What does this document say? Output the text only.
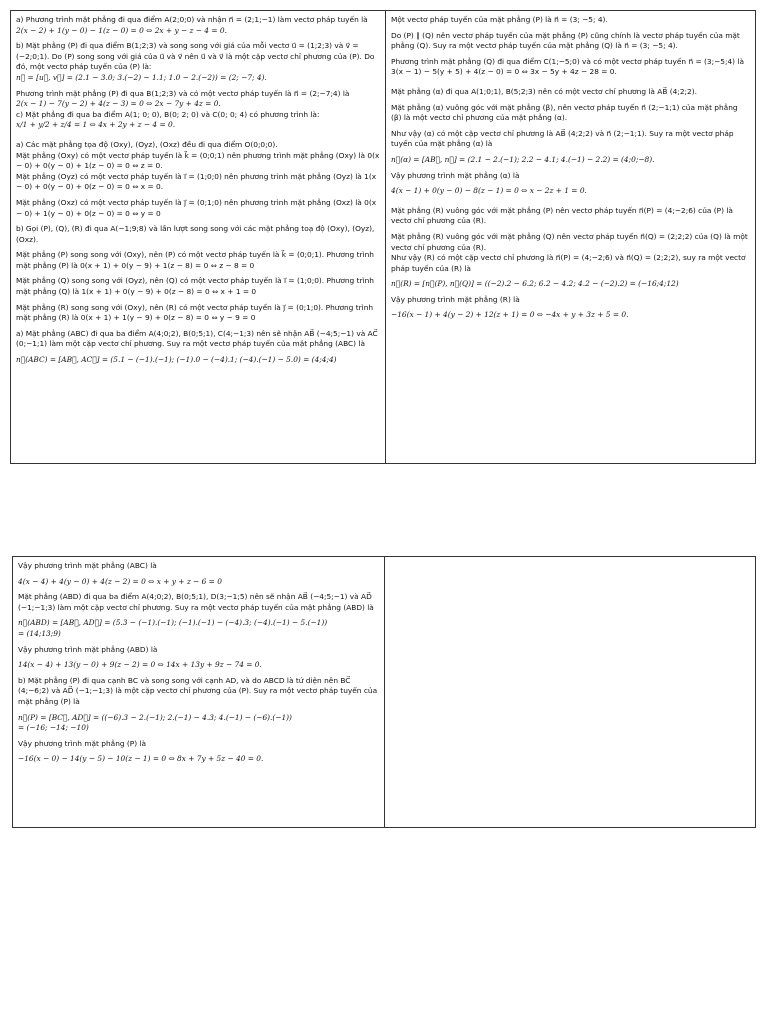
a) Phương trình mặt phẳng đi qua điểm A(2;0;0) và nhận n⃗ = (2;1;−1) làm vectơ pháp tuyến là

2(x − 2) + 1(y − 0) − 1(z − 0) = 0 ⇔ 2x + y − z − 4 = 0.

b) Mặt phẳng (P) đi qua điểm B(1;2;3) và song song với giá của mỗi vectơ u⃗ = (1;2;3) và v⃗ = (−2;0;1). Do (P) song song với giá của u⃗ và v⃗ nên u⃗ và v⃗ là một cặp vectơ chỉ phương của (P). Do đó, một vectơ pháp tuyến của (P) là:

n⃗ = [u⃗, v⃗] = (2.1 − 3.0; 3.(−2) − 1.1; 1.0 − 2.(−2)) = (2; −7; 4).

Phương trình mặt phẳng (P) đi qua B(1;2;3) và có một vectơ pháp tuyến là n⃗ = (2;−7;4) là

2(x − 1) − 7(y − 2) + 4(z − 3) = 0 ⇔ 2x − 7y + 4z = 0.

c) Mặt phẳng đi qua ba điểm A(1; 0; 0), B(0; 2; 0) và C(0; 0; 4) có phương trình là:

x/1 + y/2 + z/4 = 1 ⇔ 4x + 2y + z − 4 = 0.

a) Các mặt phẳng tọa độ (Oxy), (Oyz), (Oxz) đều đi qua điểm O(0;0;0).

Mặt phẳng (Oxy) có một vectơ pháp tuyến là k⃗ = (0;0;1) nên phương trình mặt phẳng (Oxy) là 0(x − 0) + 0(y − 0) + 1(z − 0) = 0 ⇔ z = 0.

Mặt phẳng (Oyz) có một vectơ pháp tuyến là i⃗ = (1;0;0) nên phương trình mặt phẳng (Oyz) là 1(x − 0) + 0(y − 0) + 0(z − 0) = 0 ⇔ x = 0.

Mặt phẳng (Oxz) có một vectơ pháp tuyến là j⃗ = (0;1;0) nên phương trình mặt phẳng (Oxz) là 0(x − 0) + 1(y − 0) + 0(z − 0) = 0 ⇔ y = 0

b) Gọi (P), (Q), (R) đi qua A(−1;9;8) và lần lượt song song với các mặt phẳng toạ độ (Oxy), (Oyz), (Oxz).

Mặt phẳng (P) song song với (Oxy), nên (P) có một vectơ pháp tuyến là k⃗ = (0;0;1). Phương trình mặt phẳng (P) là 0(x + 1) + 0(y − 9) + 1(z − 8) = 0 ⇔ z − 8 = 0

Mặt phẳng (Q) song song với (Oyz), nên (Q) có một vectơ pháp tuyến là i⃗ = (1;0;0). Phương trình mặt phẳng (Q) là 1(x + 1) + 0(y − 9) + 0(z − 8) = 0 ⇔ x + 1 = 0

Mặt phẳng (R) song song với (Oxy), nên (R) có một vectơ pháp tuyến là j⃗ = (0;1;0). Phương trình mặt phẳng (R) là 0(x + 1) + 1(y − 9) + 0(z − 8) = 0 ⇔ y − 9 = 0

a) Mặt phẳng (ABC) đi qua ba điểm A(4;0;2), B(0;5;1), C(4;−1;3) nên sẽ nhận AB⃗ (−4;5;−1) và AC⃗ (0;−1;1) làm một cặp vectơ chỉ phương. Suy ra một vectơ pháp tuyến của mặt phẳng (ABC) là

n⃗(ABC) = [AB⃗, AC⃗] = (5.1 − (−1).(−1); (−1).0 − (−4).1; (−4).(−1) − 5.0) = (4;4;4)

Một vectơ pháp tuyến của mặt phẳng (P) là n⃗ = (3; −5; 4).

Do (P) ∥ (Q) nên vectơ pháp tuyến của mặt phẳng (P) cũng chính là vectơ pháp tuyến của mặt phẳng (Q). Suy ra một vectơ pháp tuyến của mặt phẳng (Q) là n⃗ = (3; −5; 4).

Phương trình mặt phẳng (Q) đi qua điểm C(1;−5;0) và có một vectơ pháp tuyến n⃗ = (3;−5;4) là 3(x − 1) − 5(y + 5) + 4(z − 0) = 0 ⇔ 3x − 5y + 4z − 28 = 0.

Mặt phẳng (α) đi qua A(1;0;1), B(5;2;3) nên có một vectơ chỉ phương là AB⃗ (4;2;2).

Mặt phẳng (α) vuông góc với mặt phẳng (β), nên vectơ pháp tuyến n⃗ (2;−1;1) của mặt phẳng (β) là một vectơ chỉ phương của mặt phẳng (α).

Như vậy (α) có một cặp vectơ chỉ phương là AB⃗ (4;2;2) và n⃗ (2;−1;1). Suy ra một vectơ pháp tuyến của mặt phẳng (α) là

n⃗(α) = [AB⃗, n⃗] = (2.1 − 2.(−1); 2.2 − 4.1; 4.(−1) − 2.2) = (4;0;−8).

Vậy phương trình mặt phẳng (α) là

4(x − 1) + 0(y − 0) − 8(z − 1) = 0 ⇔ x − 2z + 1 = 0.

Mặt phẳng (R) vuông góc với mặt phẳng (P) nên vectơ pháp tuyến n⃗(P) = (4;−2;6) của (P) là vectơ chỉ phương của (R).

Mặt phẳng (R) vuông góc với mặt phẳng (Q) nên vectơ pháp tuyến n⃗(Q) = (2;2;2) của (Q) là một vectơ chỉ phương của (R).

Như vậy (R) có một cặp vectơ chỉ phương là n⃗(P) = (4;−2;6) và n⃗(Q) = (2;2;2), suy ra một vectơ pháp tuyến của (R) là

n⃗(R) = [n⃗(P), n⃗(Q)] = ((−2).2 − 6.2; 6.2 − 4.2; 4.2 − (−2).2) = (−16;4;12)

Vậy phương trình mặt phẳng (R) là

−16(x − 1) + 4(y − 2) + 12(z + 1) = 0 ⇔ −4x + y + 3z + 5 = 0.

Vậy phương trình mặt phẳng (ABC) là

4(x − 4) + 4(y − 0) + 4(z − 2) = 0 ⇔ x + y + z − 6 = 0

Mặt phẳng (ABD) đi qua ba điểm A(4;0;2), B(0;5;1), D(3;−1;5) nên sẽ nhận AB⃗ (−4;5;−1) và AD⃗ (−1;−1;3) làm một cặp vectơ chỉ phương. Suy ra một vectơ pháp tuyến của mặt phẳng (ABD) là

n⃗(ABD) = [AB⃗, AD⃗] = (5.3 − (−1).(−1); (−1).(−1) − (−4).3; (−4).(−1) − 5.(−1))

= (14;13;9)

Vậy phương trình mặt phẳng (ABD) là

14(x − 4) + 13(y − 0) + 9(z − 2) = 0 ⇔ 14x + 13y + 9z − 74 = 0.

b) Mặt phẳng (P) đi qua cạnh BC và song song với cạnh AD, và do ABCD là tứ diện nên BC⃗ (4;−6;2) và AD⃗ (−1;−1;3) là một cặp vectơ chỉ phương của (P). Suy ra một vectơ pháp tuyến của mặt phẳng (P) là

n⃗(P) = [BC⃗, AD⃗] = ((−6).3 − 2.(−1); 2.(−1) − 4.3; 4.(−1) − (−6).(−1))

= (−16; −14; −10)

Vậy phương trình mặt phẳng (P) là

−16(x − 0) − 14(y − 5) − 10(z − 1) = 0 ⇔ 8x + 7y + 5z − 40 = 0.
